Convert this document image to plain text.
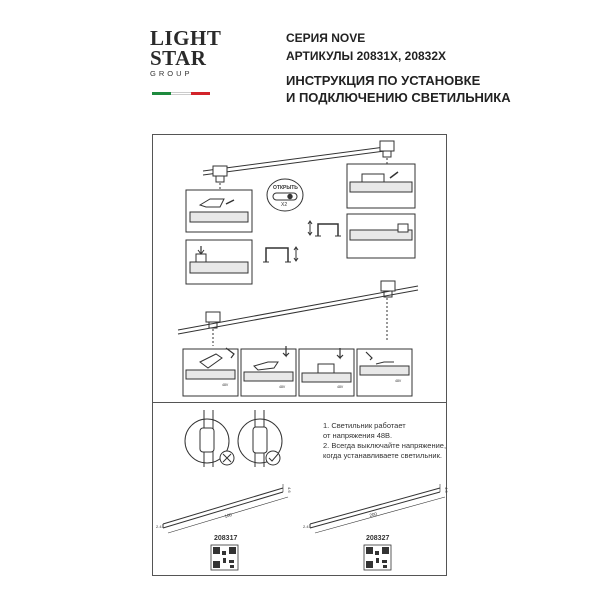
LIGHT
STAR
GROUP
СЕРИЯ NOVE
АРТИКУЛЫ 20831X, 20832X
ИНСТРУКЦИЯ ПО УСТАНОВКЕ
И ПОДКЛЮЧЕНИЮ СВЕТИЛЬНИКА
ОТКРЫТЬ
X2
48V	48V	48V
48V
100
2.4
4.6
200
2.4
4.6
1. Светильник работает
от напряжения 48В.
2. Всегда выключайте напряжение,
когда устанавливаете светильник.
208317	208327
